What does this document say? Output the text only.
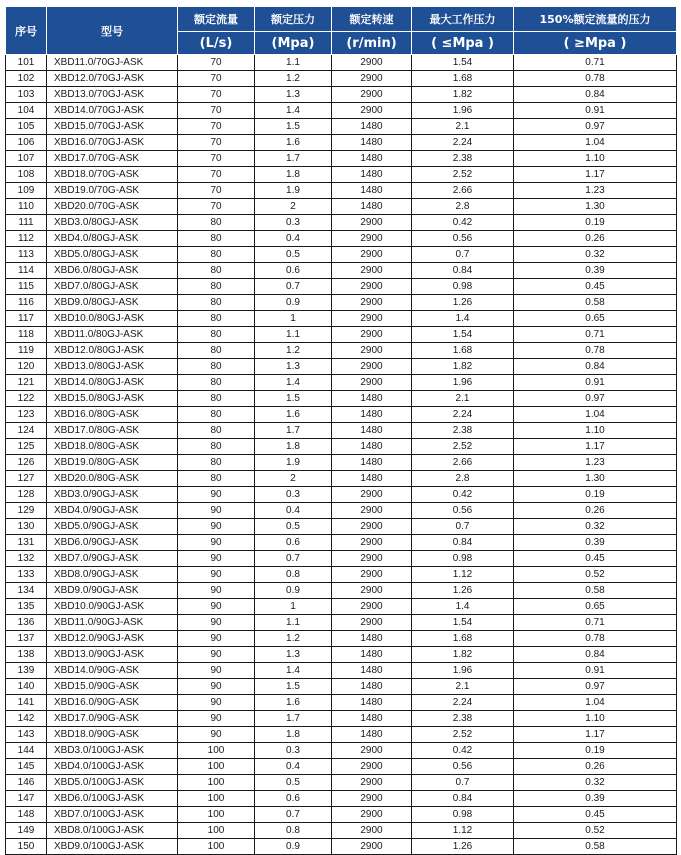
序号	型号	额定流量	额定压力	额定转速	最大工作压力	150%额定流量的压力
		(L/s)	(Mpa)	(r/min)	( ≤Mpa )	( ≥Mpa )
101	XBD11.0/70GJ-ASK	70	1.1	2900	1.54	0.71
102	XBD12.0/70GJ-ASK	70	1.2	2900	1.68	0.78
103	XBD13.0/70GJ-ASK	70	1.3	2900	1.82	0.84
104	XBD14.0/70GJ-ASK	70	1.4	2900	1.96	0.91
105	XBD15.0/70GJ-ASK	70	1.5	1480	2.1	0.97
106	XBD16.0/70GJ-ASK	70	1.6	1480	2.24	1.04
107	XBD17.0/70G-ASK	70	1.7	1480	2.38	1.10
108	XBD18.0/70G-ASK	70	1.8	1480	2.52	1.17
109	XBD19.0/70G-ASK	70	1.9	1480	2.66	1.23
110	XBD20.0/70G-ASK	70	2	1480	2.8	1.30
111	XBD3.0/80GJ-ASK	80	0.3	2900	0.42	0.19
112	XBD4.0/80GJ-ASK	80	0.4	2900	0.56	0.26
113	XBD5.0/80GJ-ASK	80	0.5	2900	0.7	0.32
114	XBD6.0/80GJ-ASK	80	0.6	2900	0.84	0.39
115	XBD7.0/80GJ-ASK	80	0.7	2900	0.98	0.45
116	XBD9.0/80GJ-ASK	80	0.9	2900	1.26	0.58
117	XBD10.0/80GJ-ASK	80	1	2900	1.4	0.65
118	XBD11.0/80GJ-ASK	80	1.1	2900	1.54	0.71
119	XBD12.0/80GJ-ASK	80	1.2	2900	1.68	0.78
120	XBD13.0/80GJ-ASK	80	1.3	2900	1.82	0.84
121	XBD14.0/80GJ-ASK	80	1.4	2900	1.96	0.91
122	XBD15.0/80GJ-ASK	80	1.5	1480	2.1	0.97
123	XBD16.0/80G-ASK	80	1.6	1480	2.24	1.04
124	XBD17.0/80G-ASK	80	1.7	1480	2.38	1.10
125	XBD18.0/80G-ASK	80	1.8	1480	2.52	1.17
126	XBD19.0/80G-ASK	80	1.9	1480	2.66	1.23
127	XBD20.0/80G-ASK	80	2	1480	2.8	1.30
128	XBD3.0/90GJ-ASK	90	0.3	2900	0.42	0.19
129	XBD4.0/90GJ-ASK	90	0.4	2900	0.56	0.26
130	XBD5.0/90GJ-ASK	90	0.5	2900	0.7	0.32
131	XBD6.0/90GJ-ASK	90	0.6	2900	0.84	0.39
132	XBD7.0/90GJ-ASK	90	0.7	2900	0.98	0.45
133	XBD8.0/90GJ-ASK	90	0.8	2900	1.12	0.52
134	XBD9.0/90GJ-ASK	90	0.9	2900	1.26	0.58
135	XBD10.0/90GJ-ASK	90	1	2900	1.4	0.65
136	XBD11.0/90GJ-ASK	90	1.1	2900	1.54	0.71
137	XBD12.0/90GJ-ASK	90	1.2	1480	1.68	0.78
138	XBD13.0/90GJ-ASK	90	1.3	1480	1.82	0.84
139	XBD14.0/90G-ASK	90	1.4	1480	1.96	0.91
140	XBD15.0/90G-ASK	90	1.5	1480	2.1	0.97
141	XBD16.0/90G-ASK	90	1.6	1480	2.24	1.04
142	XBD17.0/90G-ASK	90	1.7	1480	2.38	1.10
143	XBD18.0/90G-ASK	90	1.8	1480	2.52	1.17
144	XBD3.0/100GJ-ASK	100	0.3	2900	0.42	0.19
145	XBD4.0/100GJ-ASK	100	0.4	2900	0.56	0.26
146	XBD5.0/100GJ-ASK	100	0.5	2900	0.7	0.32
147	XBD6.0/100GJ-ASK	100	0.6	2900	0.84	0.39
148	XBD7.0/100GJ-ASK	100	0.7	2900	0.98	0.45
149	XBD8.0/100GJ-ASK	100	0.8	2900	1.12	0.52
150	XBD9.0/100GJ-ASK	100	0.9	2900	1.26	0.58
